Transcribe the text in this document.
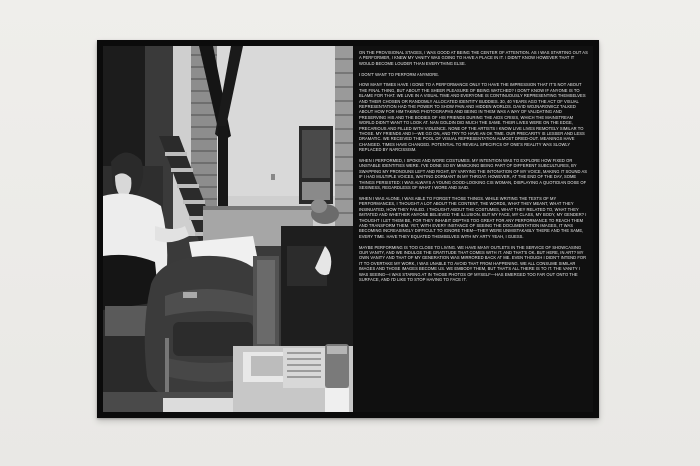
ON THE PROVISIONAL STAGES, I WAS GOOD AT BEING THE CENTER OF ATTENTION. AS I WAS STARTING OUT AS A PERFORMER, I KNEW MY VANITY WAS GOING TO HAVE A PLACE IN IT. I DIDN'T KNOW HOWEVER THAT IT WOULD BECOME LOUDER THAN EVERYTHING ELSE.

I DON'T WANT TO PERFORM ANYMORE.

HOW MANY TIMES HAVE I GONE TO A PERFORMANCE ONLY TO HAVE THE IMPRESSION THAT IT'S NOT ABOUT THE FINAL THING, BUT ABOUT THE SHEER PLEASURE OF BEING WATCHED? I DON'T KNOW IF ANYONE IS TO BLAME FOR THAT. WE LIVE IN A VISUAL TIME AND EVERYONE IS CONTINUOUSLY REPRESENTING THEMSELVES AND THEIR CHOSEN OR RANDOMLY ALLOCATED IDENTITY BUDDIES. 30, 40 YEARS AGO THE ACT OF VISUAL REPRESENTATION HAD THE POWER TO SHOW PAIN AND HIDDEN WORLDS. DAVID WOJNAROWICZ TALKED ABOUT HOW FOR HIM TAKING PHOTOGRAPHS AND BEING IN THEM WAS A WAY OF VALIDATING AND PRESERVING HIS AND THE BODIES OF HIS FRIENDS DURING THE AIDS CRISIS, WHICH THE MAINSTREAM WORLD DIDN'T WANT TO LOOK AT. NAN GOLDIN DID MUCH THE SAME. THEIR LIVES WERE ON THE EDGE, PRECARIOUS AND FILLED WITH VIOLENCE. NONE OF THE ARTISTS I KNOW LIVE LIVES REMOTELY SIMILAR TO THOSE. MY FRIENDS AND I—WE GO ON, AND TRY TO HAVE AN OK TIME. OUR PRECARITY IS LESSER AND LESS DRAMATIC. WE RECEIVED THE POOL OF VISUAL REPRESENTATION ALMOST DRIED-OUT. MEANINGS HAVE CHANGED. TIMES HAVE CHANGED. POTENTIAL TO REVEAL SPECIFICS OF ONE'S REALITY WAS SLOWLY REPLACED BY NARCISSISM.

WHEN I PERFORMED, I SPOKE AND WORE COSTUMES. MY INTENTION WAS TO EXPLORE HOW FIXED OR UNSTABLE IDENTITIES WERE. I'VE DONE SO BY MIMICKING BEING PART OF DIFFERENT SUBCULTURES, BY SWAPPING MY PRONOUNS LEFT AND RIGHT, BY VARYING THE INTONATION OF MY VOICE, MAKING IT SOUND AS IF I HAD MULTIPLE VOICES, WAITING DORMANT IN MY THROAT. HOWEVER, AT THE END OF THE DAY, SOME THINGS PERSISTED: I WAS ALWAYS A YOUNG GOOD-LOOKING CIS WOMAN, DISPLAYING A QUOTIDIAN DOSE OF SEXINESS, REGARDLESS OF WHAT I WORE AND SAID.

WHEN I WAS ALONE, I WAS ABLE TO FORGET THOSE THINGS. WHILE WRITING THE TEXTS OF MY PERFORMANCES, I THOUGHT A LOT ABOUT THE CONTENT, THE WORDS, WHAT THEY MEANT, WHAT THEY INSINUATED, HOW THEY FAILED. I THOUGHT ABOUT THE COSTUMES, WHAT THEY RELATED TO, WHAT THEY IMITATED AND WHETHER ANYONE BELIEVED THE ILLUSION. BUT MY FACE, MY CLASS, MY BODY, MY GENDER? I THOUGHT I LET THEM BE, FOR THEY INHABIT DEPTHS TOO GREAT FOR ANY PERFORMANCE TO REACH THEM AND TRANSFORM THEM. YET, WITH EVERY INSTANCE OF SEEING THE DOCUMENTATION IMAGES, IT WAS BECOMING INCREASINGLY DIFFICULT TO IGNORE THEM—THEY WERE UNMISTAKABLY THERE AND THE SAME, EVERY TIME. HAVE THEY EQUATED THEMSELVES WITH MY ARTY YEAH, I GUESS.

MAYBE PERFORMING IS TOO CLOSE TO LIVING. WE HAVE MANY OUTLETS IN THE SERVICE OF SHOWCASING OUR VANITY, AND WE INDULGE THE GRATITUDE THAT COMES WITH IT. AND THAT'S OK. BUT HERE, IN ART? MY OWN VANITY AND THAT OF MY GENERATION WAS MIRRORED BACK AT ME. EVEN THOUGH I DIDN'T INTEND FOR IT TO OVERTAKE MY WORK, I WAS UNABLE TO AVOID THAT FROM HAPPENING. WE ALL CONSUME SIMILAR IMAGES AND THOSE IMAGES BECOME US. WE EMBODY THEM, BUT THAT'S ALL THERE IS TO IT. THE VANITY I WAS SEEING—I WAS STARING AT IN THOSE PHOTOS OF MYSELF—HAS EMERGED TOO FAR OUT ONTO THE SURFACE, AND I'D LIKE TO STOP HAVING TO FACE IT.
